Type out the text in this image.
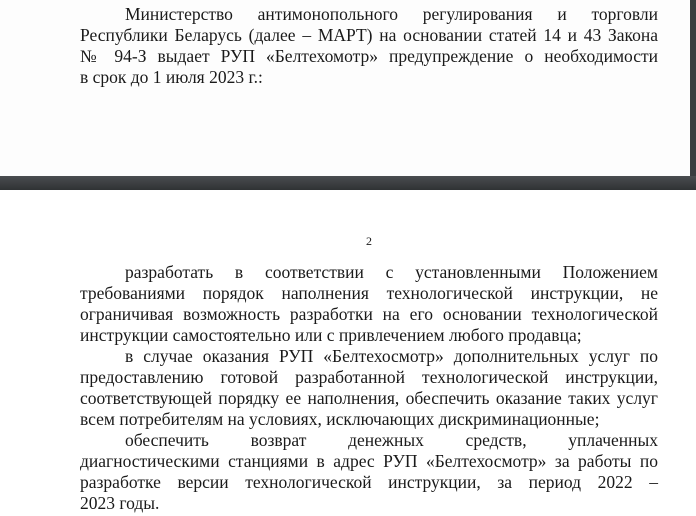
Министерство антимонопольного регулирования и торговли
Республики Беларусь (далее – МАРТ) на основании статей 14 и 43 Закона
№ 94-З выдает РУП «Белтехомотр» предупреждение о необходимости
в срок до 1 июля 2023 г.:
2
разработать в соответствии с установленными Положением
требованиями порядок наполнения технологической инструкции, не
ограничивая возможность разработки на его основании технологической
инструкции самостоятельно или с привлечением любого продавца;
в случае оказания РУП «Белтехосмотр» дополнительных услуг по
предоставлению готовой разработанной технологической инструкции,
соответствующей порядку ее наполнения, обеспечить оказание таких услуг
всем потребителям на условиях, исключающих дискриминационные;
обеспечить возврат денежных средств, уплаченных
диагностическими станциями в адрес РУП «Белтехосмотр» за работы по
разработке версии технологической инструкции, за период 2022 –
2023 годы.
